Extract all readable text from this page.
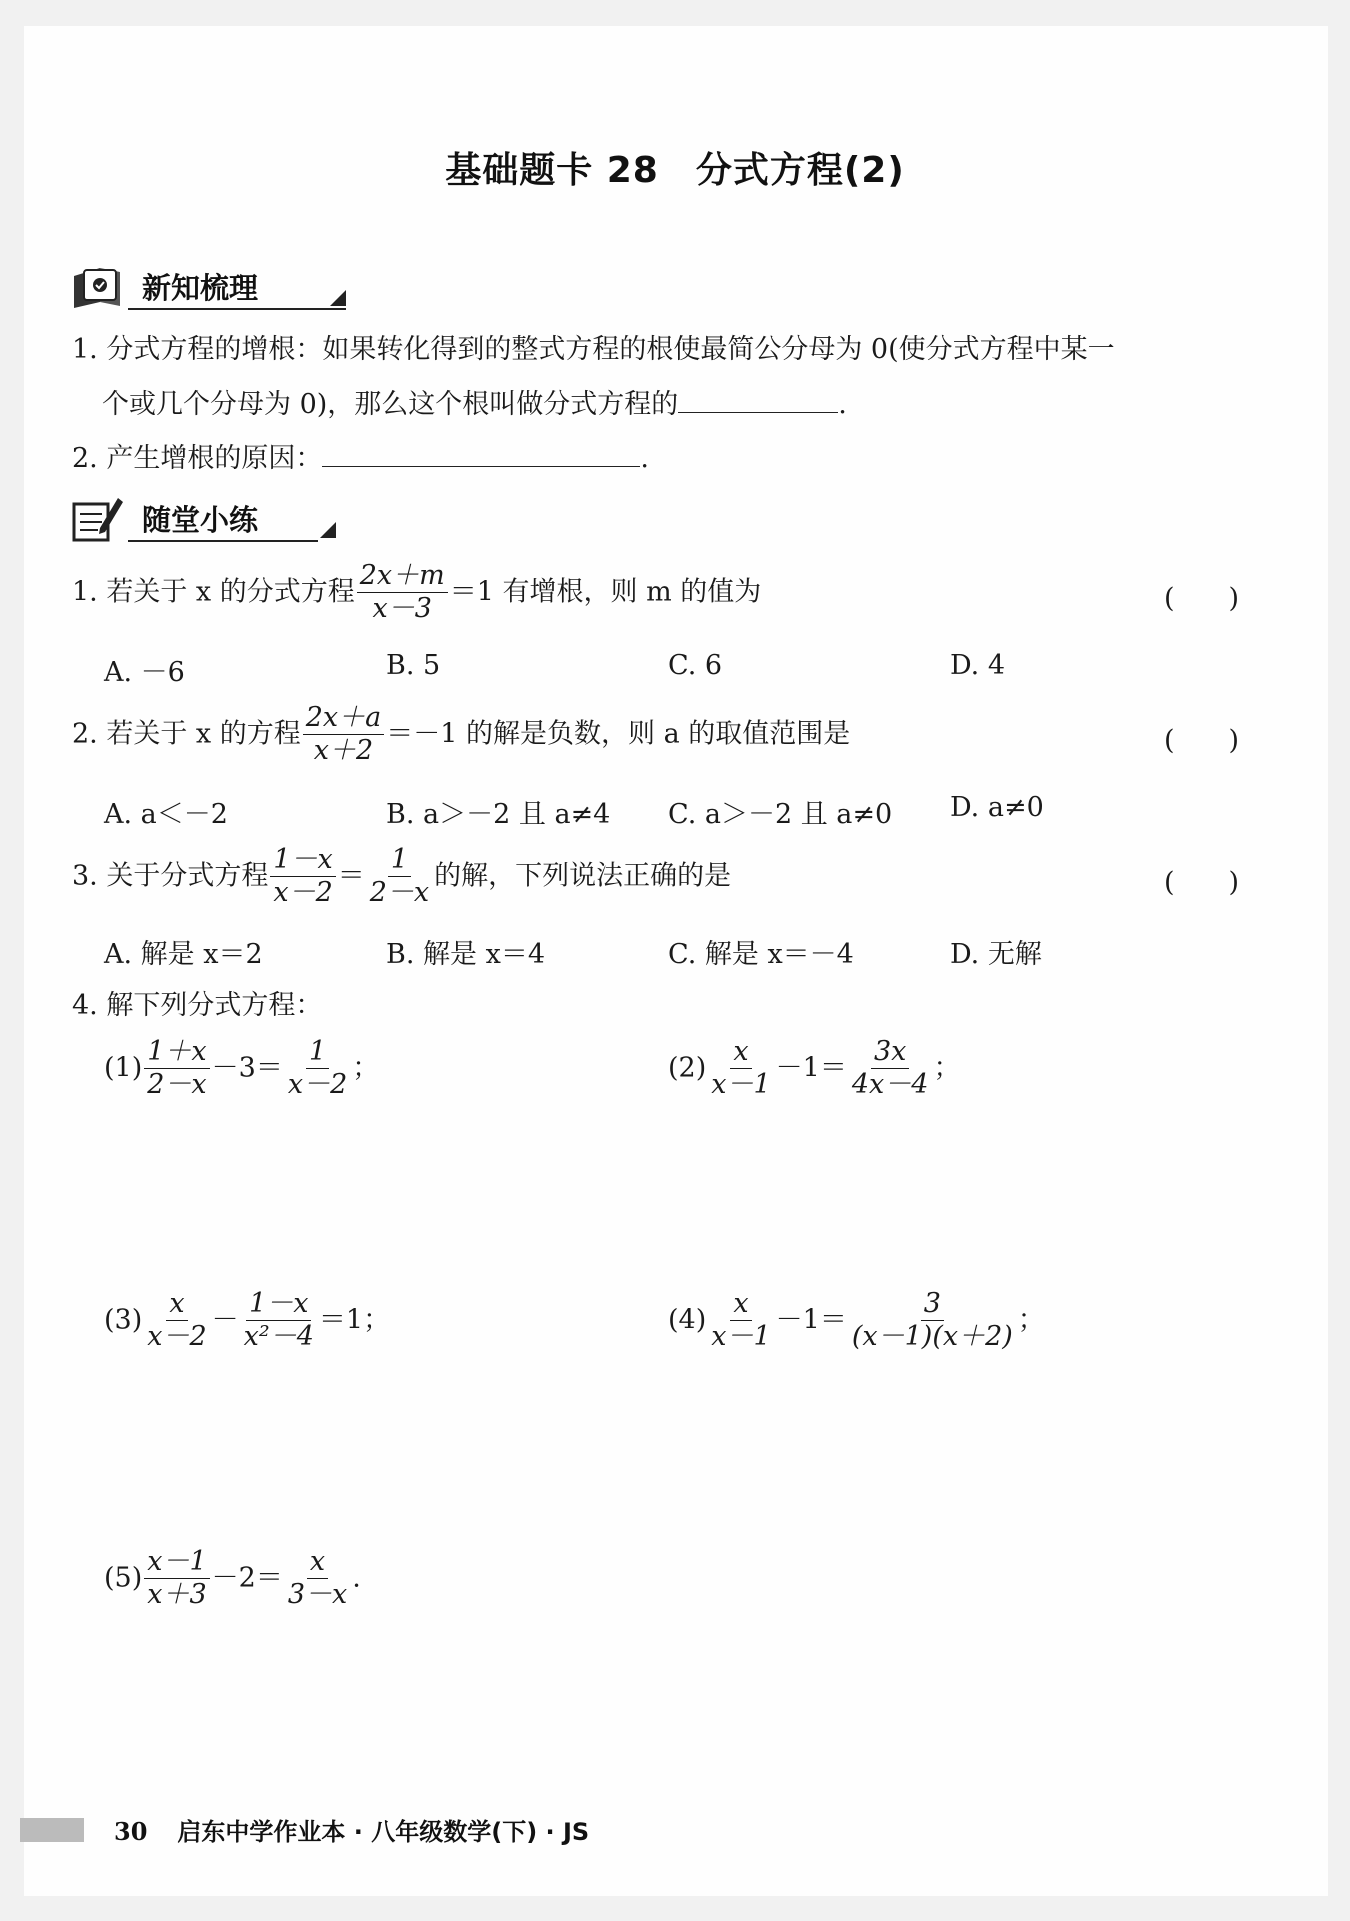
基础题卡 28　分式方程(2)
新知梳理
1. 分式方程的增根：如果转化得到的整式方程的根使最简公分母为 0(使分式方程中某一
个或几个分母为 0)，那么这个根叫做分式方程的	.
2. 产生增根的原因：	.
随堂小练
1. 若关于 x 的分式方程 $\frac{2x+m}{x-3} =1$ 有增根，则 m 的值为	(　　)
A. －6	B. 5	C. 6	D. 4
2. 若关于 x 的方程 $\frac{2x+a}{x+2} =-1$ 的解是负数，则 a 的取值范围是	(　　)
A. a＜－2	B. a＞－2 且 a≠4 C. a＞－2 且 a≠0 D. a≠0
3. 关于分式方程 $\frac{1-x}{x-2} = \frac{1}{2-x}$ 的解，下列说法正确的是	(　　)
A. 解是 x＝2	B. 解是 x＝4	C. 解是 x＝－4	D. 无解
4. 解下列分式方程：
$(1) \frac{1+x}{2-x} -3= \frac{1}{x-2}$ ；	$(2) \frac{x}{x-1} -1= \frac{3x}{4x-4}$ ；
$(3) \frac{x}{x-2} - \frac{1-x}{\text{x²－4}} =1$；	$(4) \frac{x}{x-1} -1= \frac{3}{(x-1)(x+2)}$ ；
$(5) \frac{x-1}{x+3} -2= \frac{x}{3-x}$ .
30 启东中学作业本 · 八年级数学(下) · JS
